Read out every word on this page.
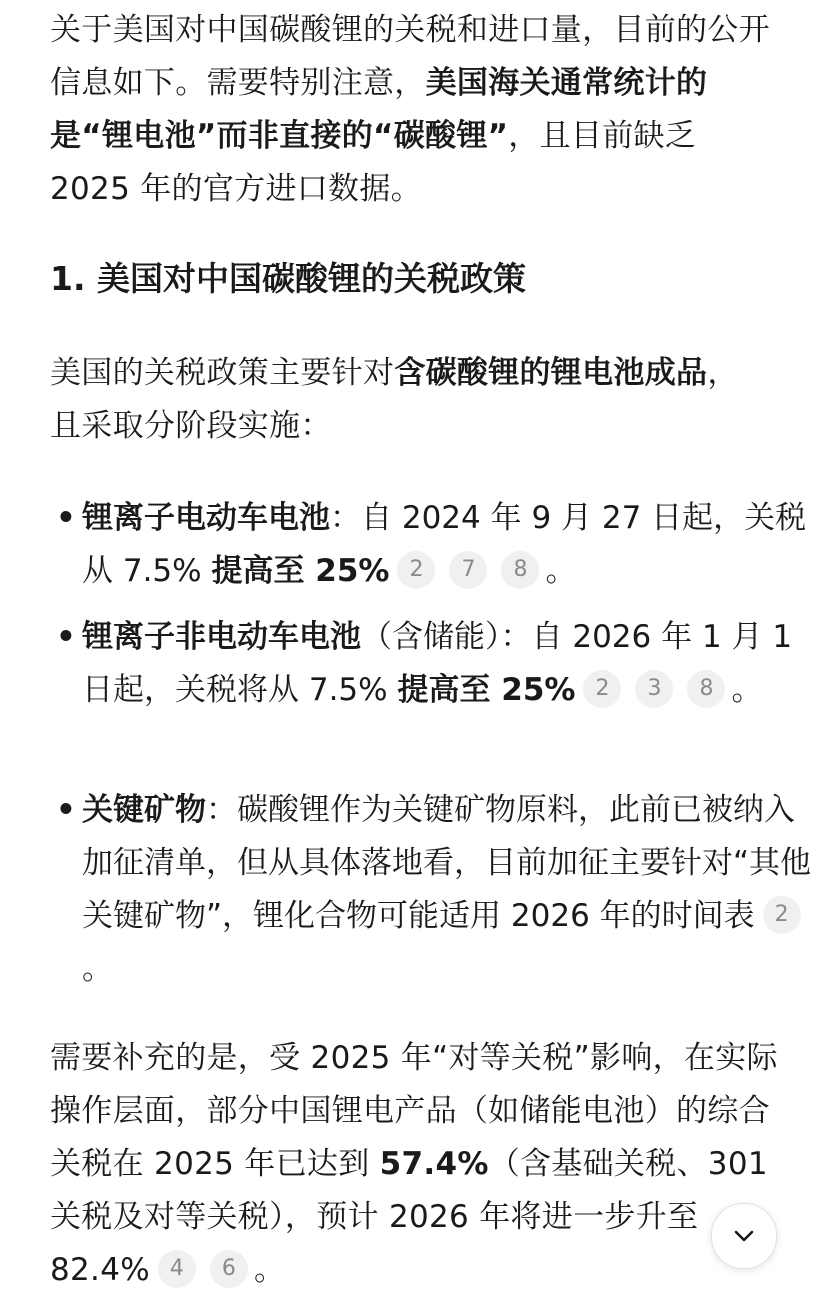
关于美国对中国碳酸锂的关税和进口量，目前的公开信息如下。需要特别注意，美国海关通常统计的是“锂电池”而非直接的“碳酸锂”，且目前缺乏 2025 年的官方进口数据。

1. 美国对中国碳酸锂的关税政策

美国的关税政策主要针对含碳酸锂的锂电池成品，且采取分阶段实施：

• 锂离子电动车电池：自 2024 年 9 月 27 日起，关税从 7.5% 提高至 25% 2 7 8 。
• 锂离子非电动车电池（含储能）：自 2026 年 1 月 1 日起，关税将从 7.5% 提高至 25% 2 3 8 。
• 关键矿物：碳酸锂作为关键矿物原料，此前已被纳入加征清单，但从具体落地看，目前加征主要针对“其他关键矿物”，锂化合物可能适用 2026 年的时间表 2。

需要补充的是，受 2025 年“对等关税”影响，在实际操作层面，部分中国锂电产品（如储能电池）的综合关税在 2025 年已达到 57.4%（含基础关税、301 关税及对等关税），预计 2026 年将进一步升至 82.4% 4 6 。
